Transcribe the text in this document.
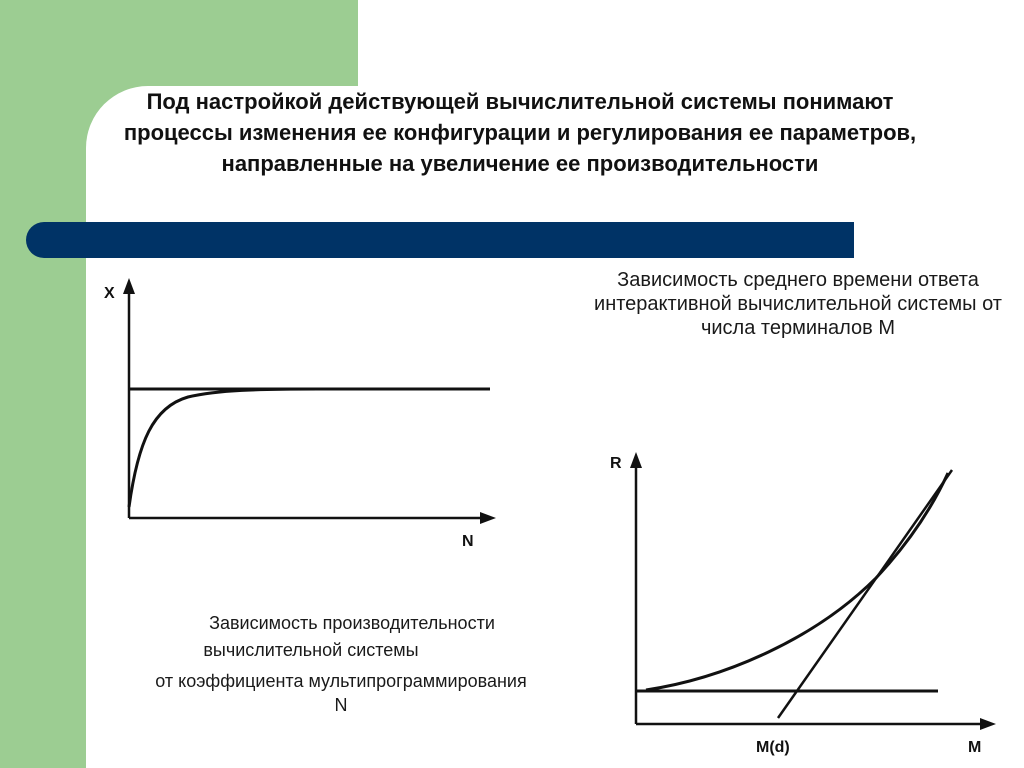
Под настройкой действующей вычислительной системы понимают процессы изменения ее конфигурации и регулирования ее параметров, направленные на увеличение ее производительности
X
N

Зависимость среднего времени ответа интерактивной вычислительной системы от числа терминалов M

R
M(d)	M
Зависимость производительности
вычислительной системы
от коэффициента мультипрограммирования
N
